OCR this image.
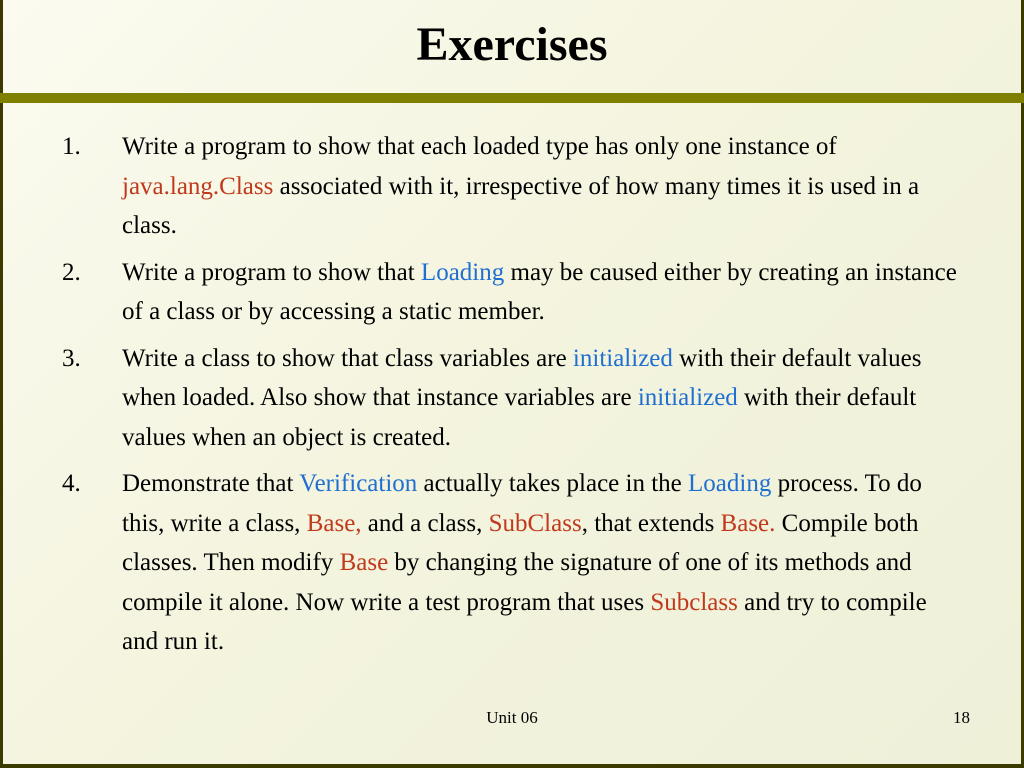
Exercises
1. Write a program to show that each loaded type has only one instance of java.lang.Class associated with it, irrespective of how many times it is used in a class.
2. Write a program to show that Loading may be caused either by creating an instance of a class or by accessing a static member.
3. Write a class to show that class variables are initialized with their default values when loaded. Also show that instance variables are initialized with their default values when an object is created.
4. Demonstrate that Verification actually takes place in the Loading process. To do this, write a class, Base, and a class, SubClass, that extends Base. Compile both classes. Then modify Base by changing the signature of one of its methods and compile it alone. Now write a test program that uses Subclass and try to compile and run it.
Unit 06	18
